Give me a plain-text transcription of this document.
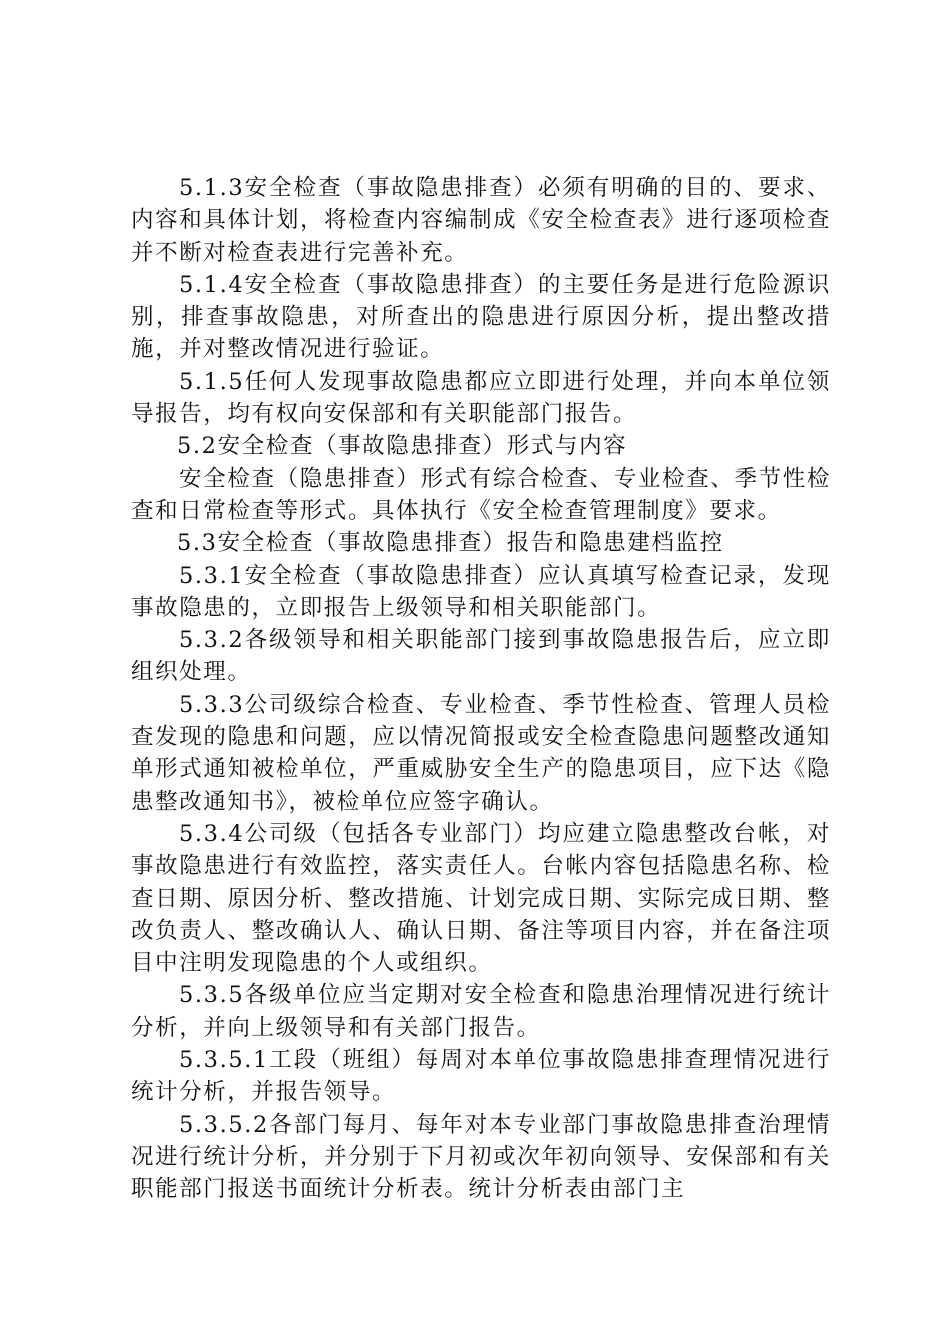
5.1.3安全检查（事故隐患排查）必须有明确的目的、要求、内容和具体计划，将检查内容编制成《安全检查表》进行逐项检查并不断对检查表进行完善补充。

5.1.4安全检查（事故隐患排查）的主要任务是进行危险源识别，排查事故隐患，对所查出的隐患进行原因分析，提出整改措施，并对整改情况进行验证。

5.1.5任何人发现事故隐患都应立即进行处理，并向本单位领导报告，均有权向安保部和有关职能部门报告。

5.2安全检查（事故隐患排查）形式与内容

安全检查（隐患排查）形式有综合检查、专业检查、季节性检查和日常检查等形式。具体执行《安全检查管理制度》要求。

5.3安全检查（事故隐患排查）报告和隐患建档监控

5.3.1安全检查（事故隐患排查）应认真填写检查记录，发现事故隐患的，立即报告上级领导和相关职能部门。

5.3.2各级领导和相关职能部门接到事故隐患报告后，应立即组织处理。

5.3.3公司级综合检查、专业检查、季节性检查、管理人员检查发现的隐患和问题，应以情况简报或安全检查隐患问题整改通知单形式通知被检单位，严重威胁安全生产的隐患项目，应下达《隐患整改通知书》，被检单位应签字确认。

5.3.4公司级（包括各专业部门）均应建立隐患整改台帐，对事故隐患进行有效监控，落实责任人。台帐内容包括隐患名称、检查日期、原因分析、整改措施、计划完成日期、实际完成日期、整改负责人、整改确认人、确认日期、备注等项目内容，并在备注项目中注明发现隐患的个人或组织。

5.3.5各级单位应当定期对安全检查和隐患治理情况进行统计分析，并向上级领导和有关部门报告。

5.3.5.1工段（班组）每周对本单位事故隐患排查理情况进行统计分析，并报告领导。

5.3.5.2各部门每月、每年对本专业部门事故隐患排查治理情况进行统计分析，并分别于下月初或次年初向领导、安保部和有关职能部门报送书面统计分析表。统计分析表由部门主
